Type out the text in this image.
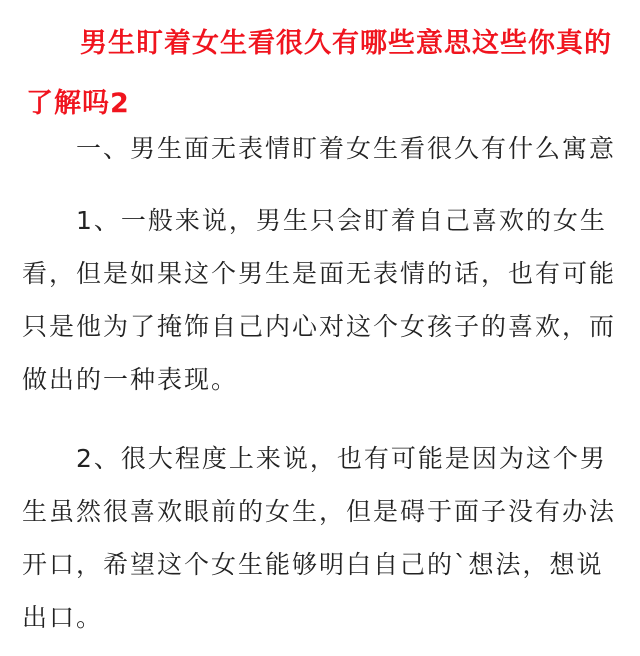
男生盯着女生看很久有哪些意思这些你真的了解吗2
一、男生面无表情盯着女生看很久有什么寓意
1、一般来说，男生只会盯着自己喜欢的女生看，但是如果这个男生是面无表情的话，也有可能只是他为了掩饰自己内心对这个女孩子的喜欢，而做出的一种表现。
2、很大程度上来说，也有可能是因为这个男生虽然很喜欢眼前的女生，但是碍于面子没有办法开口，希望这个女生能够明白自己的`想法，想说出口。
